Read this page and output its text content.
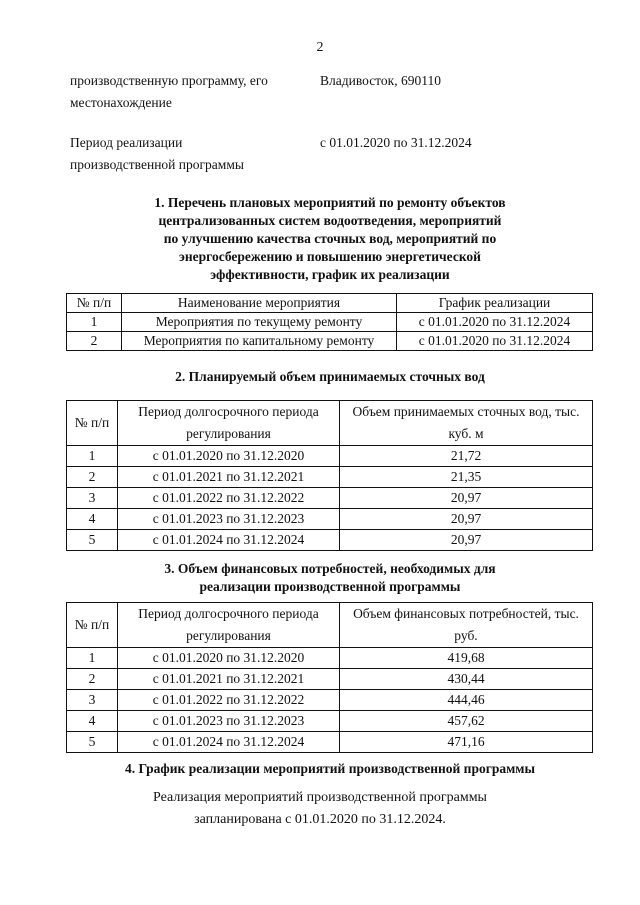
2
производственную программу, его
местонахождение
Владивосток, 690110
Период реализации
производственной программы
с 01.01.2020 по 31.12.2024
1. Перечень плановых мероприятий по ремонту объектов
централизованных систем водоотведения, мероприятий
по улучшению качества сточных вод, мероприятий по
энергосбережению и повышению энергетической
эффективности, график их реализации
№ п/п	Наименование мероприятия	График реализации
1	Мероприятия по текущему ремонту	с 01.01.2020 по 31.12.2024
2	Мероприятия по капитальному ремонту	с 01.01.2020 по 31.12.2024
2. Планируемый объем принимаемых сточных вод
№ п/п	Период долгосрочного периода регулирования	Объем принимаемых сточных вод, тыс. куб. м
1	с 01.01.2020 по 31.12.2020	21,72
2	с 01.01.2021 по 31.12.2021	21,35
3	с 01.01.2022 по 31.12.2022	20,97
4	с 01.01.2023 по 31.12.2023	20,97
5	с 01.01.2024 по 31.12.2024	20,97
3. Объем финансовых потребностей, необходимых для
реализации производственной программы
№ п/п	Период долгосрочного периода регулирования	Объем финансовых потребностей, тыс. руб.
1	с 01.01.2020 по 31.12.2020	419,68
2	с 01.01.2021 по 31.12.2021	430,44
3	с 01.01.2022 по 31.12.2022	444,46
4	с 01.01.2023 по 31.12.2023	457,62
5	с 01.01.2024 по 31.12.2024	471,16
4. График реализации мероприятий производственной программы
Реализация мероприятий производственной программы
запланирована с 01.01.2020 по 31.12.2024.
